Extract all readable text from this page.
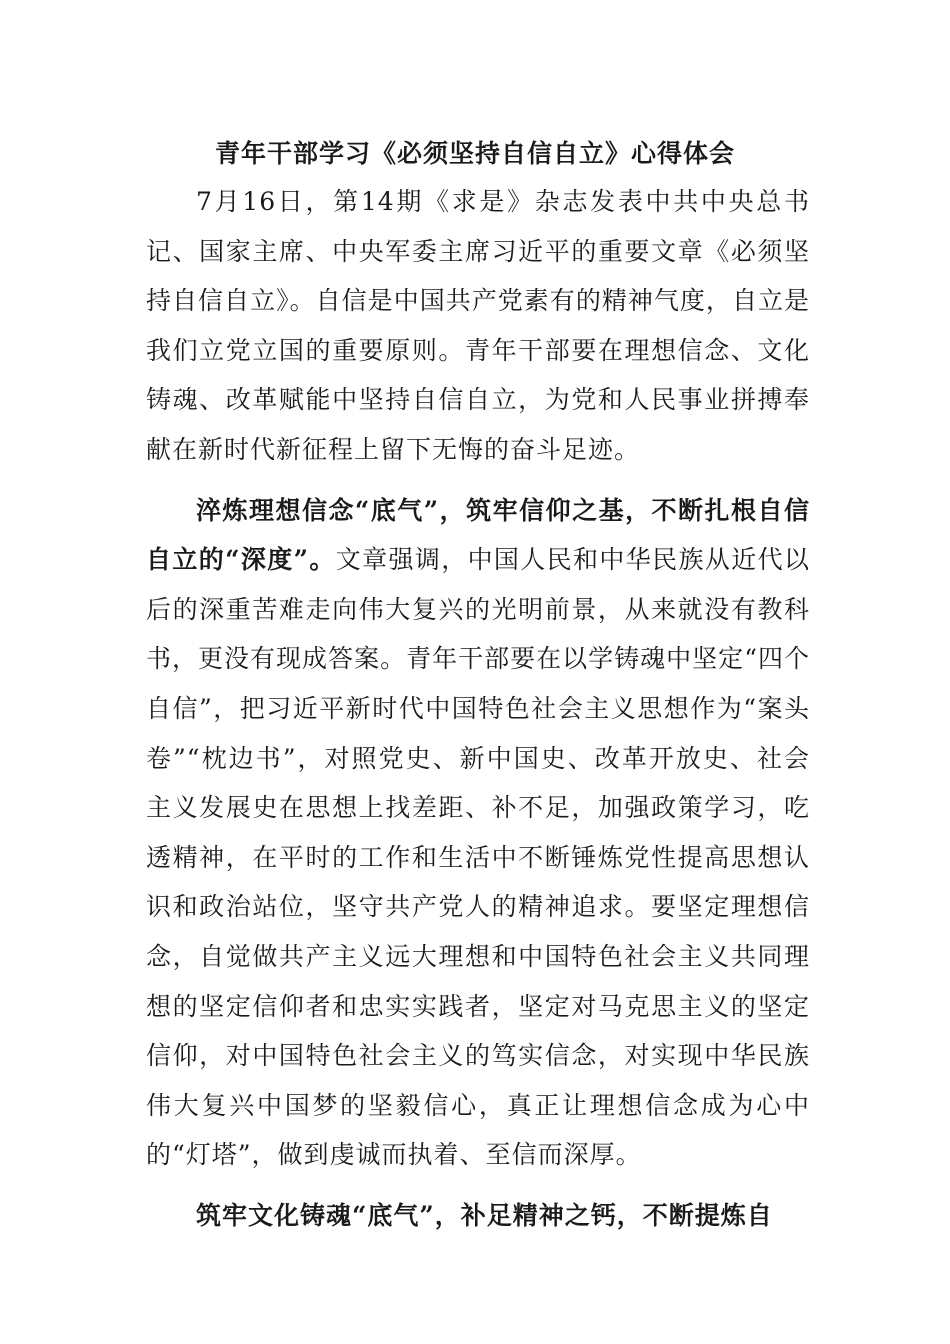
青年干部学习《必须坚持自信自立》心得体会

7月16日，第14期《求是》杂志发表中共中央总书记、国家主席、中央军委主席习近平的重要文章《必须坚持自信自立》。自信是中国共产党素有的精神气度，自立是我们立党立国的重要原则。青年干部要在理想信念、文化铸魂、改革赋能中坚持自信自立，为党和人民事业拼搏奉献在新时代新征程上留下无悔的奋斗足迹。

淬炼理想信念“底气”，筑牢信仰之基，不断扎根自信自立的“深度”。文章强调，中国人民和中华民族从近代以后的深重苦难走向伟大复兴的光明前景，从来就没有教科书，更没有现成答案。青年干部要在以学铸魂中坚定“四个自信”，把习近平新时代中国特色社会主义思想作为“案头卷”“枕边书”，对照党史、新中国史、改革开放史、社会主义发展史在思想上找差距、补不足，加强政策学习，吃透精神，在平时的工作和生活中不断锤炼党性提高思想认识和政治站位，坚守共产党人的精神追求。要坚定理想信念，自觉做共产主义远大理想和中国特色社会主义共同理想的坚定信仰者和忠实实践者，坚定对马克思主义的坚定信仰，对中国特色社会主义的笃实信念，对实现中华民族伟大复兴中国梦的坚毅信心，真正让理想信念成为心中的“灯塔”，做到虔诚而执着、至信而深厚。

筑牢文化铸魂“底气”，补足精神之钙，不断提炼自
